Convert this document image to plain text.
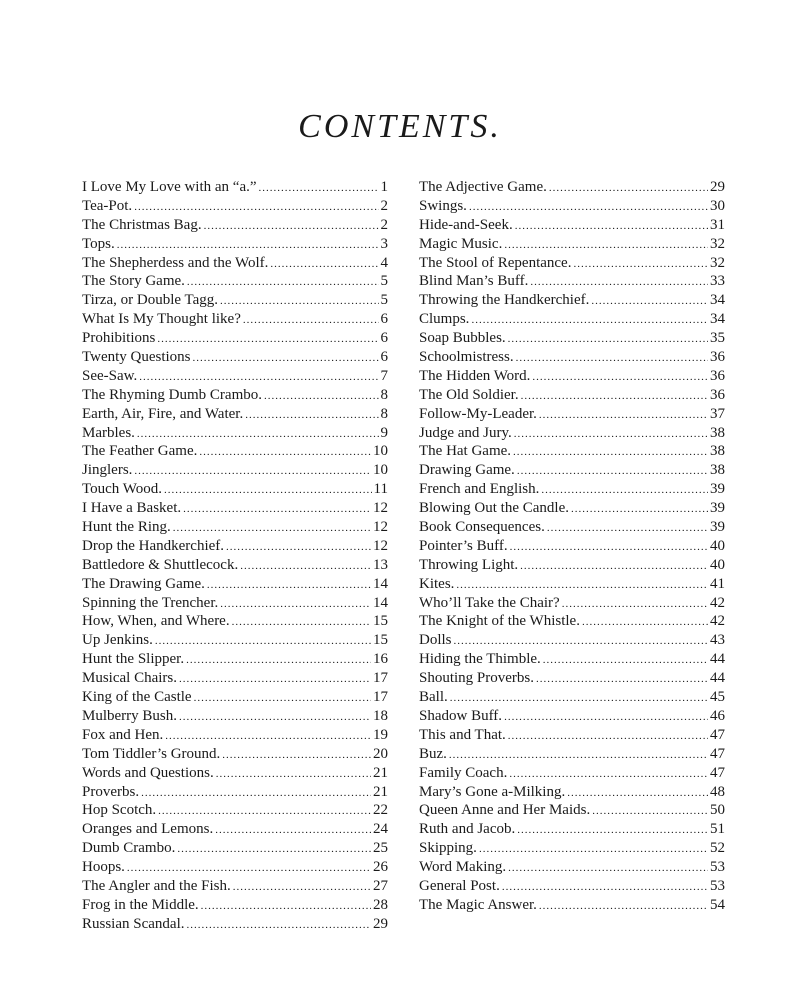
CONTENTS.
I Love My Love with an “a.” .....	1
Tea-Pot. .....	2
The Christmas Bag. .....	2
Tops. .....	3
The Shepherdess and the Wolf. .....	4
The Story Game. .....	5
Tirza, or Double Tagg. .....	5
What Is My Thought like? .....	6
Prohibitions .....	6
Twenty Questions .....	6
See-Saw. .....	7
The Rhyming Dumb Crambo. .....	8
Earth, Air, Fire, and Water. .....	8
Marbles. .....	9
The Feather Game. .....	10
Jinglers. .....	10
Touch Wood. .....	11
I Have a Basket. .....	12
Hunt the Ring. .....	12
Drop the Handkerchief. .....	12
Battledore & Shuttlecock. .....	13
The Drawing Game. .....	14
Spinning the Trencher. .....	14
How, When, and Where. .....	15
Up Jenkins. .....	15
Hunt the Slipper. .....	16
Musical Chairs. .....	17
King of the Castle .....	17
Mulberry Bush. .....	18
Fox and Hen. .....	19
Tom Tiddler’s Ground. .....	20
Words and Questions. .....	21
Proverbs. .....	21
Hop Scotch. .....	22
Oranges and Lemons. .....	24
Dumb Crambo. .....	25
Hoops. .....	26
The Angler and the Fish. .....	27
Frog in the Middle. .....	28
Russian Scandal. .....	29
The Adjective Game. .....	29
Swings. .....	30
Hide-and-Seek. .....	31
Magic Music. .....	32
The Stool of Repentance. .....	32
Blind Man’s Buff. .....	33
Throwing the Handkerchief. .....	34
Clumps. .....	34
Soap Bubbles. .....	35
Schoolmistress. .....	36
The Hidden Word. .....	36
The Old Soldier. .....	36
Follow-My-Leader. .....	37
Judge and Jury. .....	38
The Hat Game. .....	38
Drawing Game. .....	38
French and English. .....	39
Blowing Out the Candle. .....	39
Book Consequences. .....	39
Pointer’s Buff. .....	40
Throwing Light. .....	40
Kites. .....	41
Who’ll Take the Chair? .....	42
The Knight of the Whistle. .....	42
Dolls .....	43
Hiding the Thimble. .....	44
Shouting Proverbs. .....	44
Ball. .....	45
Shadow Buff. .....	46
This and That. .....	47
Buz. .....	47
Family Coach. .....	47
Mary’s Gone a-Milking. .....	48
Queen Anne and Her Maids. .....	50
Ruth and Jacob. .....	51
Skipping. .....	52
Word Making. .....	53
General Post. .....	53
The Magic Answer. .....	54
